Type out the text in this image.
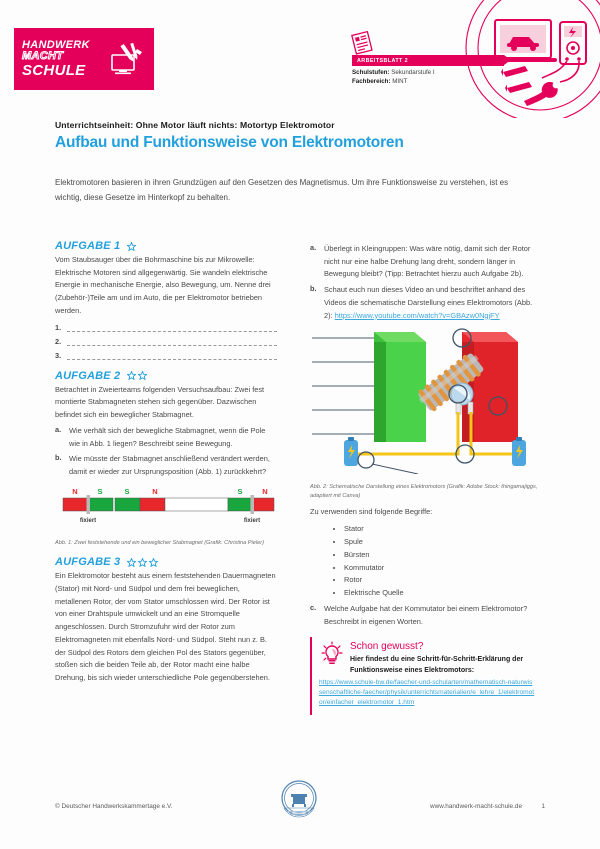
HANDWERK
MACHT
SCHULE
ARBEITSBLATT 2
Schulstufen: Sekundarstufe I
Fachbereich: MINT
Unterrichtseinheit: Ohne Motor läuft nichts: Motortyp Elektromotor
Aufbau und Funktionsweise von Elektromotoren
Elektromotoren basieren in ihren Grundzügen auf den Gesetzen des Magnetismus. Um ihre Funktionsweise zu verstehen, ist es wichtig, diese Gesetze im Hinterkopf zu behalten.
AUFGABE 1
Vom Staubsauger über die Bohrmaschine bis zur Mikrowelle: Elektrische Motoren sind allgegenwärtig. Sie wandeln elektrische Energie in mechanische Energie, also Bewegung, um. Nenne drei (Zubehör-)Teile am und im Auto, die per Elektromotor betrieben werden.
1.
2.
3.
AUFGABE 2
Betrachtet in Zweierteams folgenden Versuchsaufbau: Zwei fest montierte Stabmagneten stehen sich gegenüber. Dazwischen befindet sich ein beweglicher Stabmagnet.
a.	Wie verhält sich der bewegliche Stabmagnet, wenn die Pole wie in Abb. 1 liegen? Beschreibt seine Bewegung.
b.	Wie müsste der Stabmagnet anschließend verändert werden, damit er wieder zur Ursprungsposition (Abb. 1) zurückkehrt?
N	S	S	N	S	N
fixiert	fixiert
Abb. 1: Zwei feststehende und ein beweglicher Stabmagnet (Grafik: Christina Pieler)
AUFGABE 3
Ein Elektromotor besteht aus einem feststehenden Dauermagneten (Stator) mit Nord- und Südpol und dem frei beweglichen, metallenen Rotor, der vom Stator umschlossen wird. Der Rotor ist von einer Drahtspule umwickelt und an eine Stromquelle angeschlossen. Durch Stromzufuhr wird der Rotor zum Elektromagneten mit ebenfalls Nord- und Südpol. Steht nun z. B. der Südpol des Rotors dem gleichen Pol des Stators gegenüber, stoßen sich die beiden Teile ab, der Rotor macht eine halbe Drehung, bis sich wieder unterschiedliche Pole gegenüberstehen.
a.	Überlegt in Kleingruppen: Was wäre nötig, damit sich der Rotor nicht nur eine halbe Drehung lang dreht, sondern länger in Bewegung bleibt? (Tipp: Betrachtet hierzu auch Aufgabe 2b).
b.	Schaut euch nun dieses Video an und beschriftet anhand des Videos die schematische Darstellung eines Elektromotors (Abb. 2): https://www.youtube.com/watch?v=GBAzw0NgjFY
Abb. 2: Schematische Darstellung eines Elektromotors (Grafik: Adobe Stock: thingamajiggs, adaptiert mit Canva)
Zu verwenden sind folgende Begriffe:
• Stator
• Spule
• Bürsten
• Kommutator
• Rotor
• Elektrische Quelle
c.	Welche Aufgabe hat der Kommutator bei einem Elektromotor? Beschreibt in eigenen Worten.
Schon gewusst?
Hier findest du eine Schritt-für-Schritt-Erklärung der Funktionsweise eines Elektromotors:
https://www.schule-bw.de/faecher-und-schularten/mathematisch-naturwissenschaftliche-faecher/physik/unterrichtsmaterialien/e_lehre_1/elektromotor/einfacher_elektromotor_1.htm
© Deutscher Handwerkskammertage e.V.	www.handwerk-macht-schule.de	1
